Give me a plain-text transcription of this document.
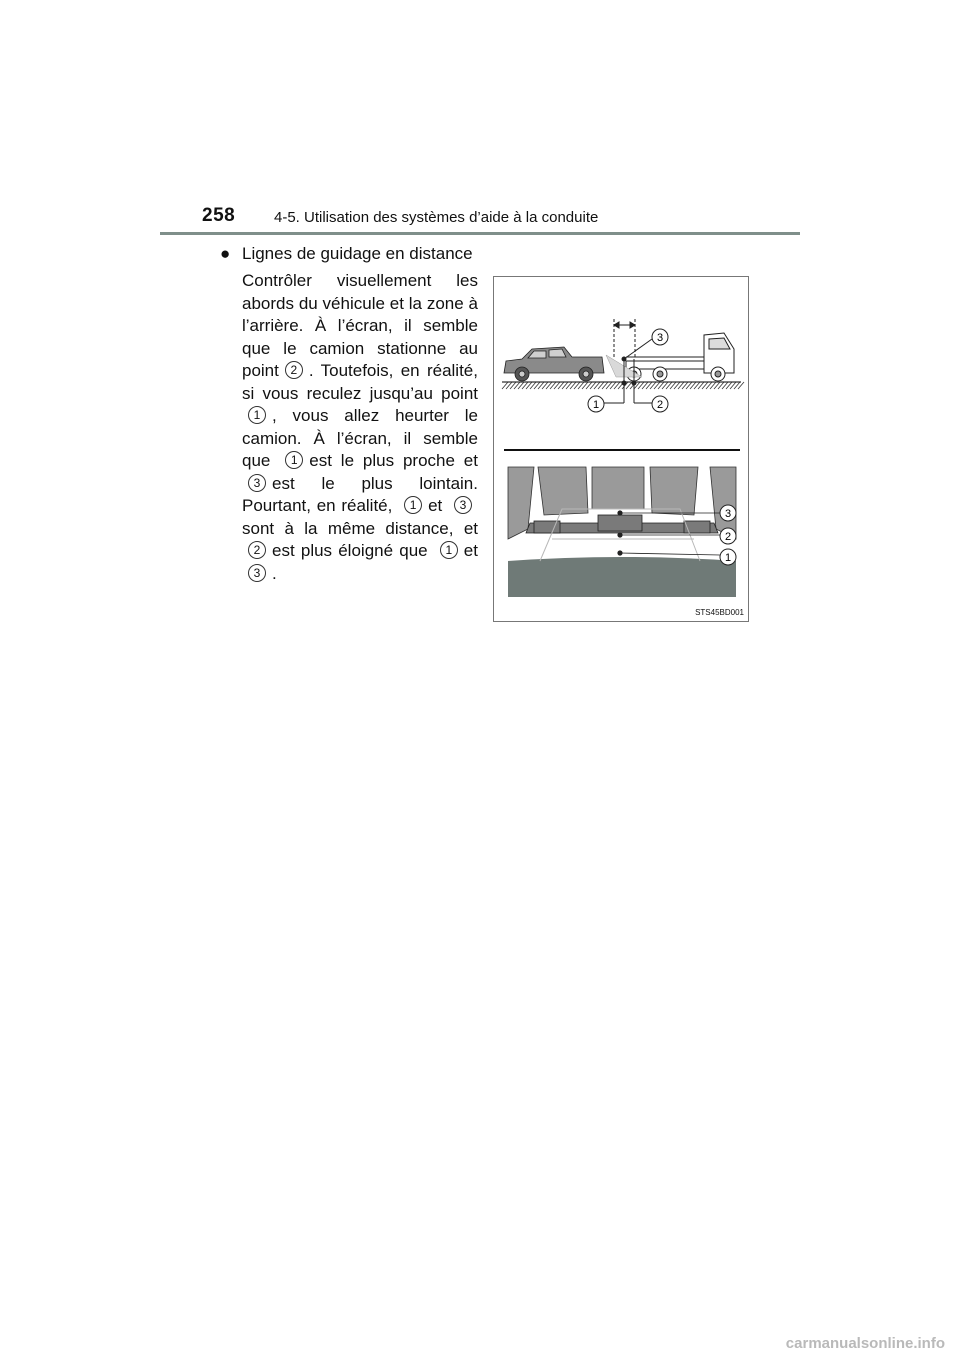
258	4-5. Utilisation des systèmes d’aide à la conduite
● Lignes de guidage en distance
Contrôler visuellement les abords du véhicule et la zone à l’arrière. À l’écran, il semble que le camion stationne au point 2 . Toutefois, en réalité, si vous reculez jusqu’au point 1 , vous allez heurter le camion. À l’écran, il semble que 1 est le plus proche et 3 est le plus lointain. Pourtant, en réalité, 1 et 3sont à la même distance, et 2 est plus éloigné que 1 et 3 .
3
1	2
3
2
1
STS45BD001
carmanualsonline.info
